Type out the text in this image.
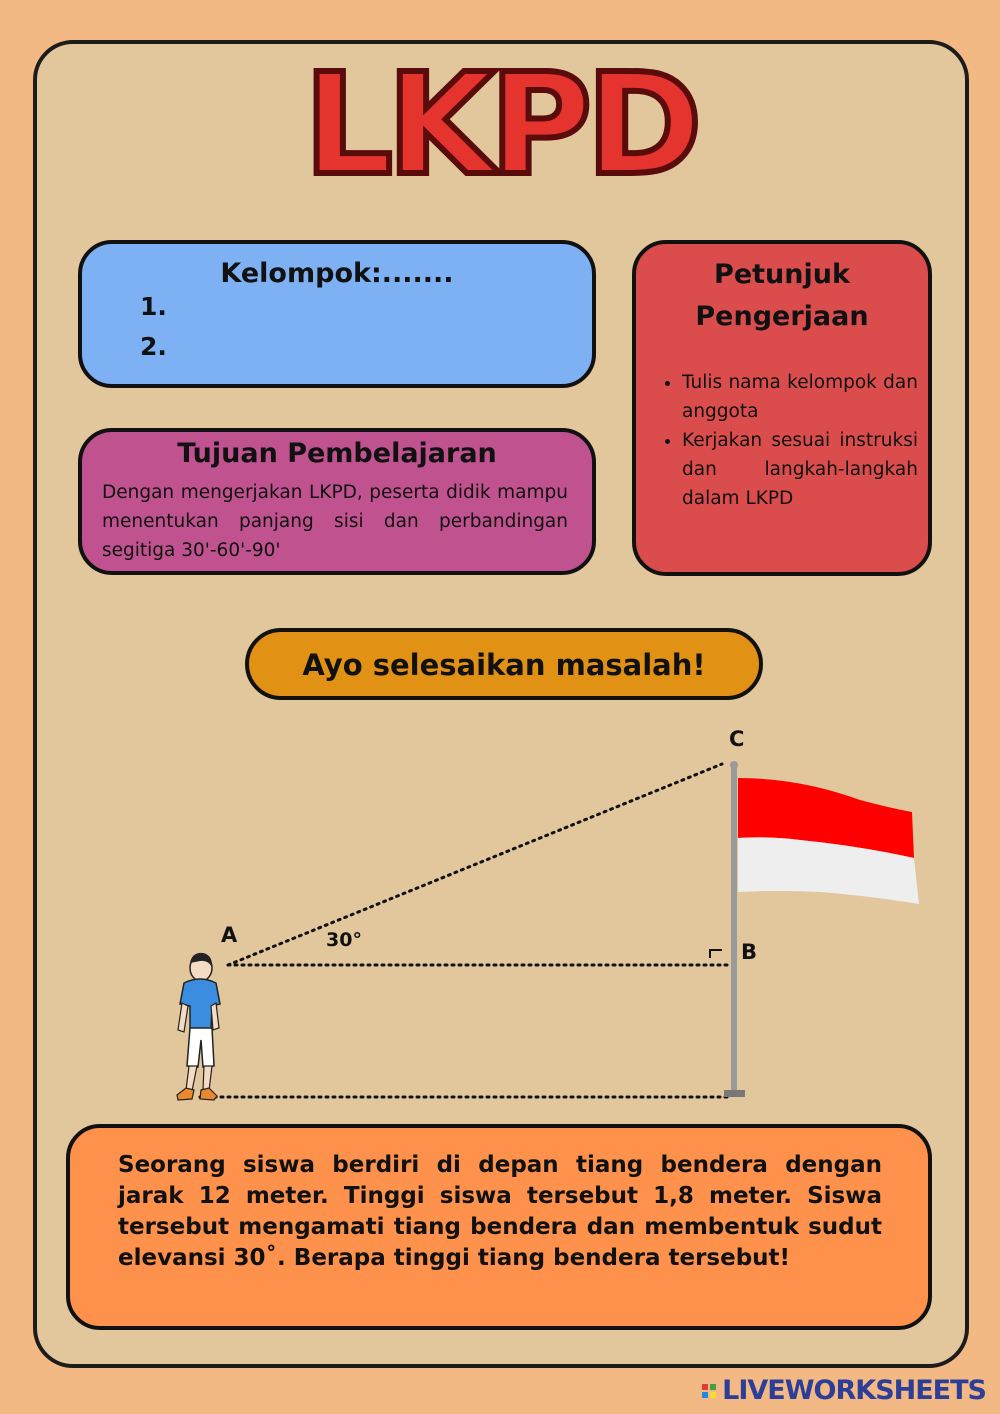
LKPD
Kelompok:.......
1.
2.
Tujuan Pembelajaran
Dengan mengerjakan LKPD, peserta didik mampu menentukan panjang sisi dan perbandingan segitiga 30'-60'-90'
Petunjuk
Pengerjaan
• Tulis nama kelompok dan anggota
• Kerjakan sesuai instruksi dan langkah-langkah dalam LKPD
Ayo selesaikan masalah!
C
A
B
30°
Seorang siswa berdiri di depan tiang bendera dengan jarak 12 meter. Tinggi siswa tersebut 1,8 meter. Siswa tersebut mengamati tiang bendera dan membentuk sudut elevansi 30˚. Berapa tinggi tiang bendera tersebut!

LIVEWORKSHEETS
